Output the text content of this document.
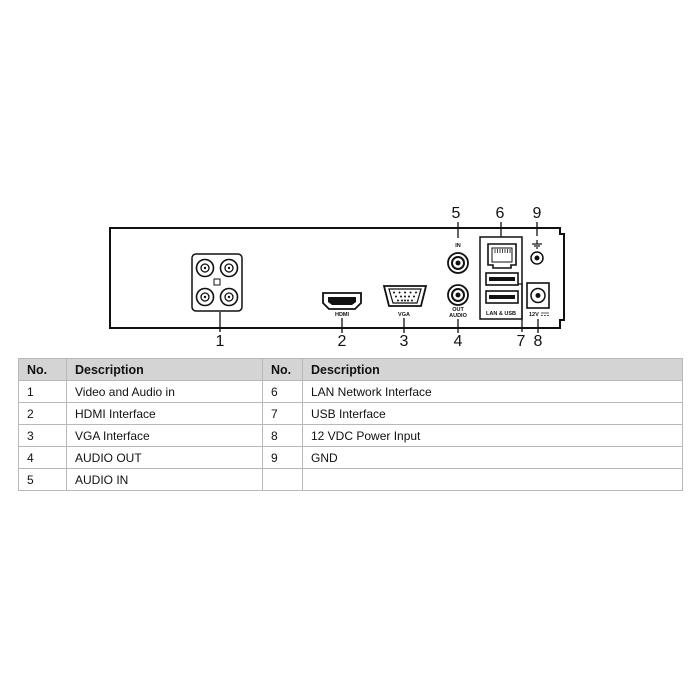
HDMI	VGA
IN
OUT
AUDIO	LAN & USB 12V
1	2	3	4
5 6
7 8
9
No.	Description	No.	Description
1	Video and Audio in	6	LAN Network Interface
2	HDMI Interface	7	USB Interface
3	VGA Interface	8	12 VDC Power Input
4	AUDIO OUT	9	GND
5	AUDIO IN		
